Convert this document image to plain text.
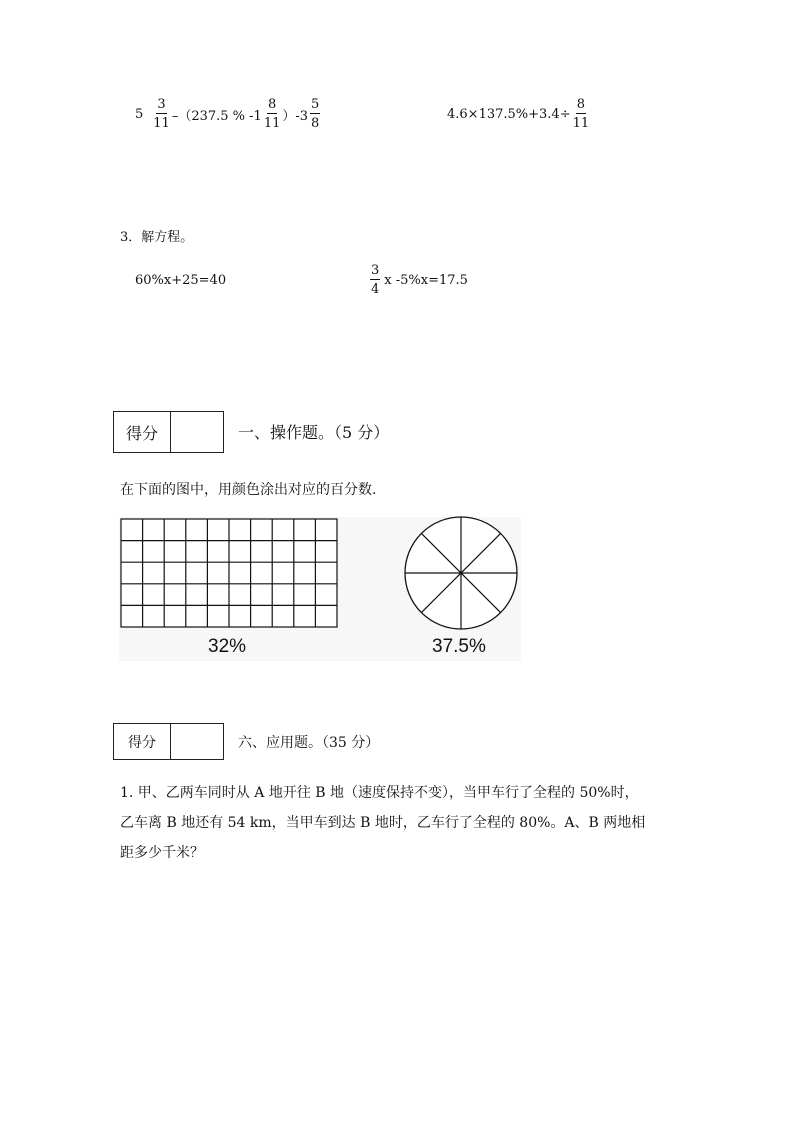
$5 \frac{3}{11} -(237.5$ % $-1 \frac{8}{11} )-3 \frac{5}{8}$	$4.6\times 137.5\%+3.4\div \frac{8}{11}$
3．解方程。
60%x+25=40	$\frac{3}{4}$ x -5%x=17.5
得分	一、操作题。（5 分）
在下面的图中，用颜色涂出对应的百分数.
32%	37.5%
得分	六、应用题。（35 分）
1. 甲、乙两车同时从 A 地开往 B 地（速度保持不变），当甲车行了全程的 50%时，
乙车离 B 地还有 54 km，当甲车到达 B 地时，乙车行了全程的 80%。A、B 两地相
距多少千米？
